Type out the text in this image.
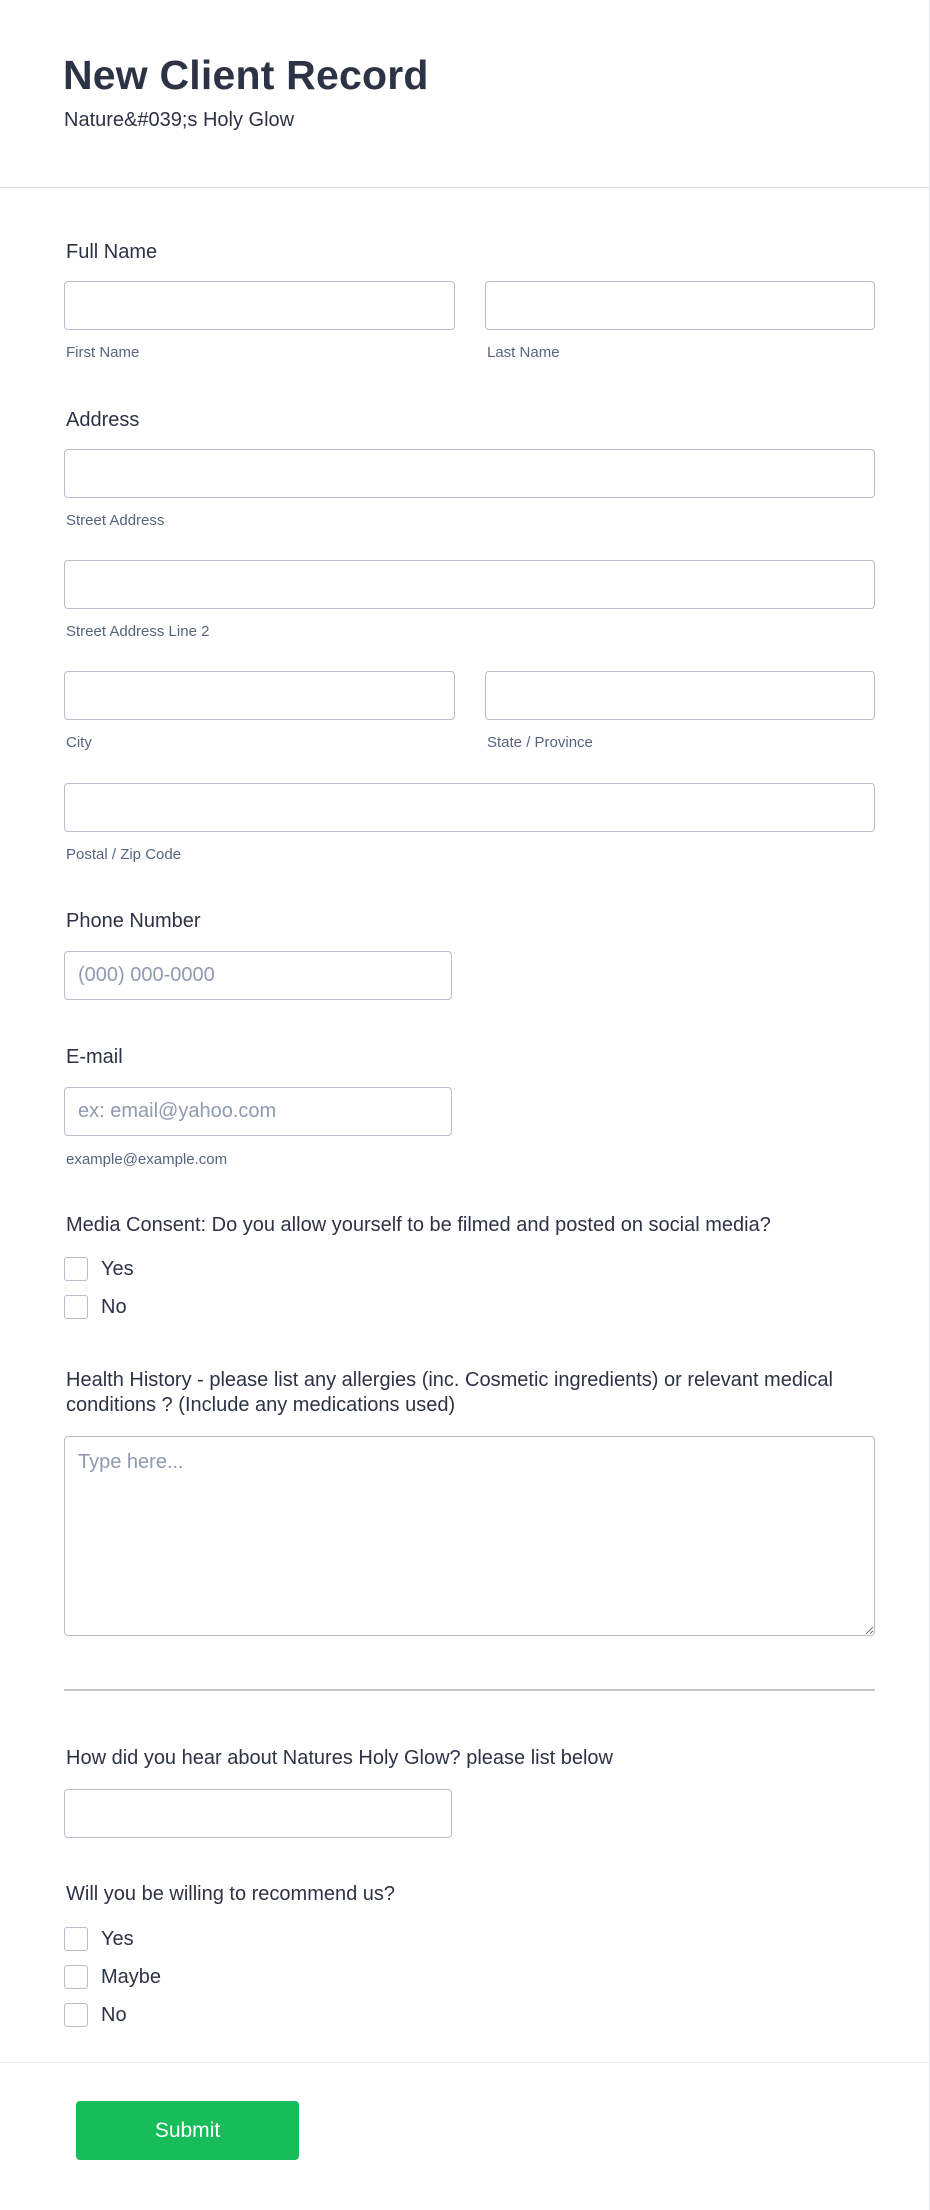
New Client Record
Nature&#039;s Holy Glow
Full Name
First Name	Last Name
Address
Street Address
Street Address Line 2
City	State / Province
Postal / Zip Code
Phone Number
(000) 000-0000
E-mail
ex: email@yahoo.com
example@example.com
Media Consent: Do you allow yourself to be filmed and posted on social media?
Yes
No
Health History - please list any allergies (inc. Cosmetic ingredients) or relevant medical conditions ? (Include any medications used)
Type here...
How did you hear about Natures Holy Glow? please list below
Will you be willing to recommend us?
Yes
Maybe
No
Submit
